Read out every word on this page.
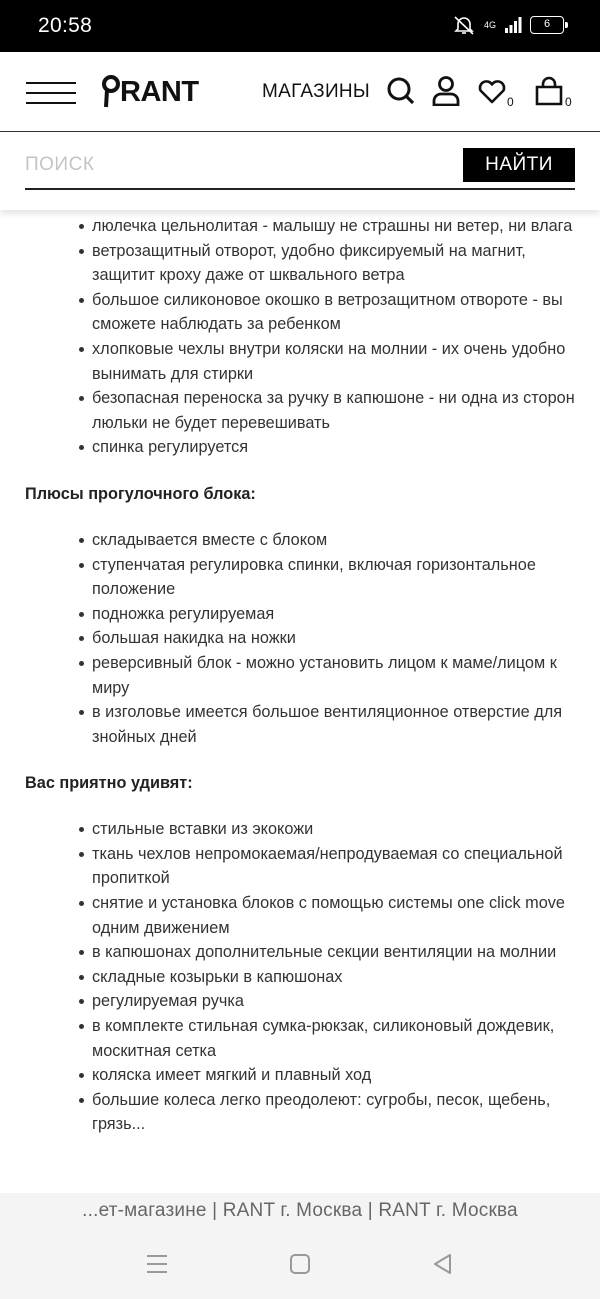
20:58	4G	6
RANT	МАГАЗИНЫ	0	0
ПОИСК
НАЙТИ
люлечка цельнолитая - малышу не страшны ни ветер, ни влага
ветрозащитный отворот, удобно фиксируемый на магнит, защитит кроху даже от шквального ветра
большое силиконовое окошко в ветрозащитном отвороте - вы сможете наблюдать за ребенком
хлопковые чехлы внутри коляски на молнии - их очень удобно вынимать для стирки
безопасная переноска за ручку в капюшоне - ни одна из сторон люльки не будет перевешивать
спинка регулируется
Плюсы прогулочного блока:
складывается вместе с блоком
ступенчатая регулировка спинки, включая горизонтальное положение
подножка регулируемая
большая накидка на ножки
реверсивный блок - можно установить лицом к маме/лицом к миру
в изголовье имеется большое вентиляционное отверстие для знойных дней
Вас приятно удивят:
стильные вставки из экокожи
ткань чехлов непромокаемая/непродуваемая со специальной пропиткой
снятие и установка блоков с помощью системы one click move одним движением
в капюшонах дополнительные секции вентиляции на молнии
складные козырьки в капюшонах
регулируемая ручка
в комплекте стильная сумка-рюкзак, силиконовый дождевик, москитная сетка
коляска имеет мягкий и плавный ход
большие колеса легко преодолеют: сугробы, песок, щебень, грязь...
...ет-магазине | RANT г. Москва | RANT г. Москва
